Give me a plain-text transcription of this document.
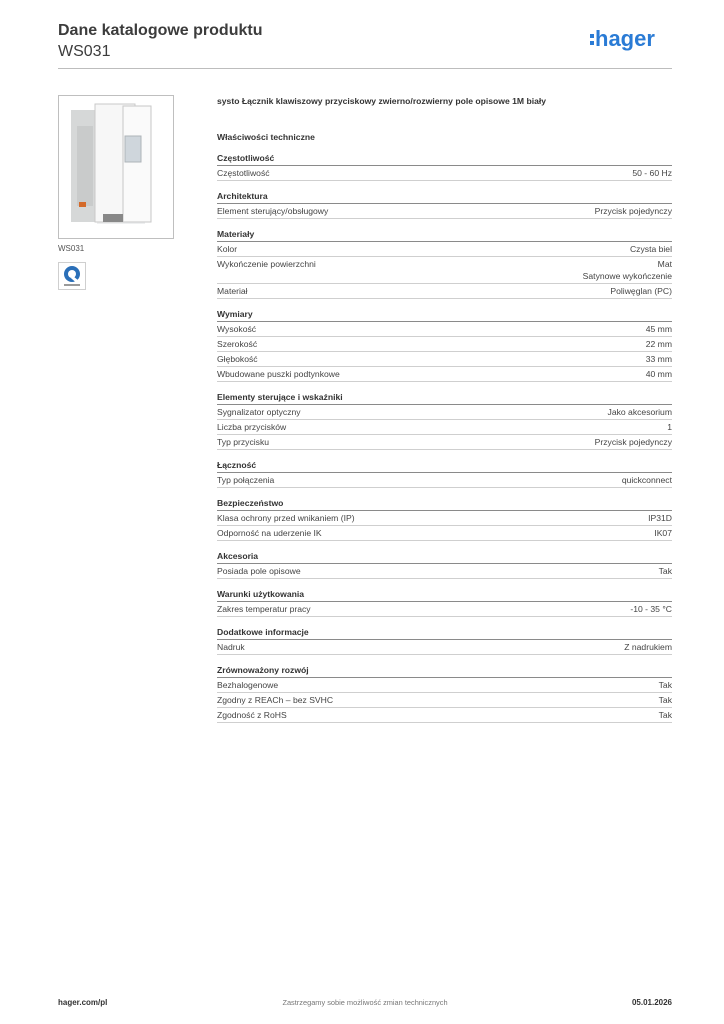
Dane katalogowe produktu

WS031

hager
WS031
systo Łącznik klawiszowy przyciskowy zwierno/rozwierny pole opisowe 1M biały
Właściwości techniczne
Częstotliwość
Częstotliwość	50 - 60 Hz
Architektura
Element sterujący/obsługowy	Przycisk pojedynczy
Materiały
Kolor	Czysta biel
Wykończenie powierzchni	Mat
Satynowe wykończenie
Materiał	Poliwęglan (PC)
Wymiary
Wysokość	45 mm
Szerokość	22 mm
Głębokość	33 mm
Wbudowane puszki podtynkowe	40 mm
Elementy sterujące i wskaźniki
Sygnalizator optyczny	Jako akcesorium
Liczba przycisków	1
Typ przycisku	Przycisk pojedynczy
Łączność
Typ połączenia	quickconnect
Bezpieczeństwo
Klasa ochrony przed wnikaniem (IP)	IP31D
Odporność na uderzenie IK	IK07
Akcesoria
Posiada pole opisowe	Tak
Warunki użytkowania
Zakres temperatur pracy	-10 - 35 °C
Dodatkowe informacje
Nadruk	Z nadrukiem
Zrównoważony rozwój
Bezhalogenowe	Tak
Zgodny z REACh – bez SVHC	Tak
Zgodność z RoHS	Tak
hager.com/pl	Zastrzegamy sobie możliwość zmian technicznych	05.01.2026
